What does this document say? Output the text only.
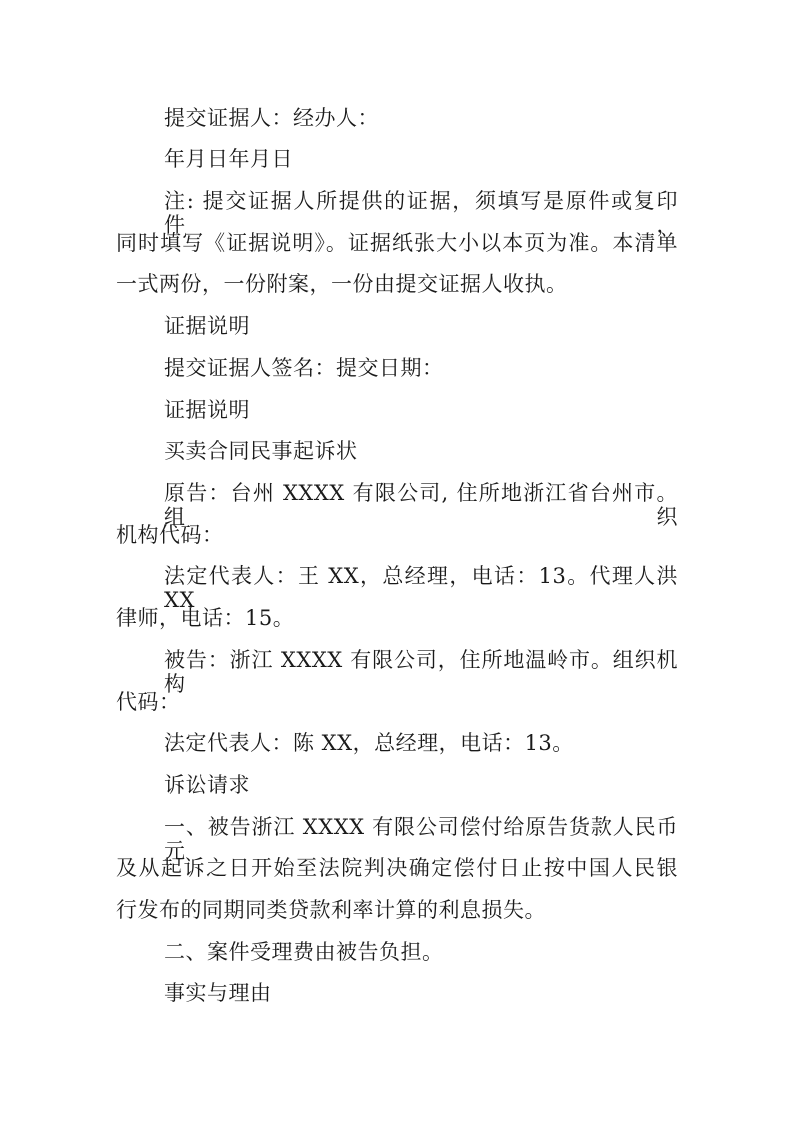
提交证据人：经办人：
年月日年月日
注: 提交证据人所提供的证据，须填写是原件或复印件，
同时填写《证据说明》。证据纸张大小以本页为准。本清单
一式两份，一份附案，一份由提交证据人收执。
证据说明
提交证据人签名：提交日期：
证据说明
买卖合同民事起诉状
原告：台州 XXXX 有限公司, 住所地浙江省台州市。组织
机构代码：
法定代表人：王 XX，总经理，电话：13。代理人洪 XX
律师，电话：15。
被告：浙江 XXXX 有限公司，住所地温岭市。组织机构
代码：
法定代表人：陈 XX，总经理，电话：13。
诉讼请求
一、被告浙江 XXXX 有限公司偿付给原告货款人民币元
及从起诉之日开始至法院判决确定偿付日止按中国人民银
行发布的同期同类贷款利率计算的利息损失。
二、案件受理费由被告负担。
事实与理由
